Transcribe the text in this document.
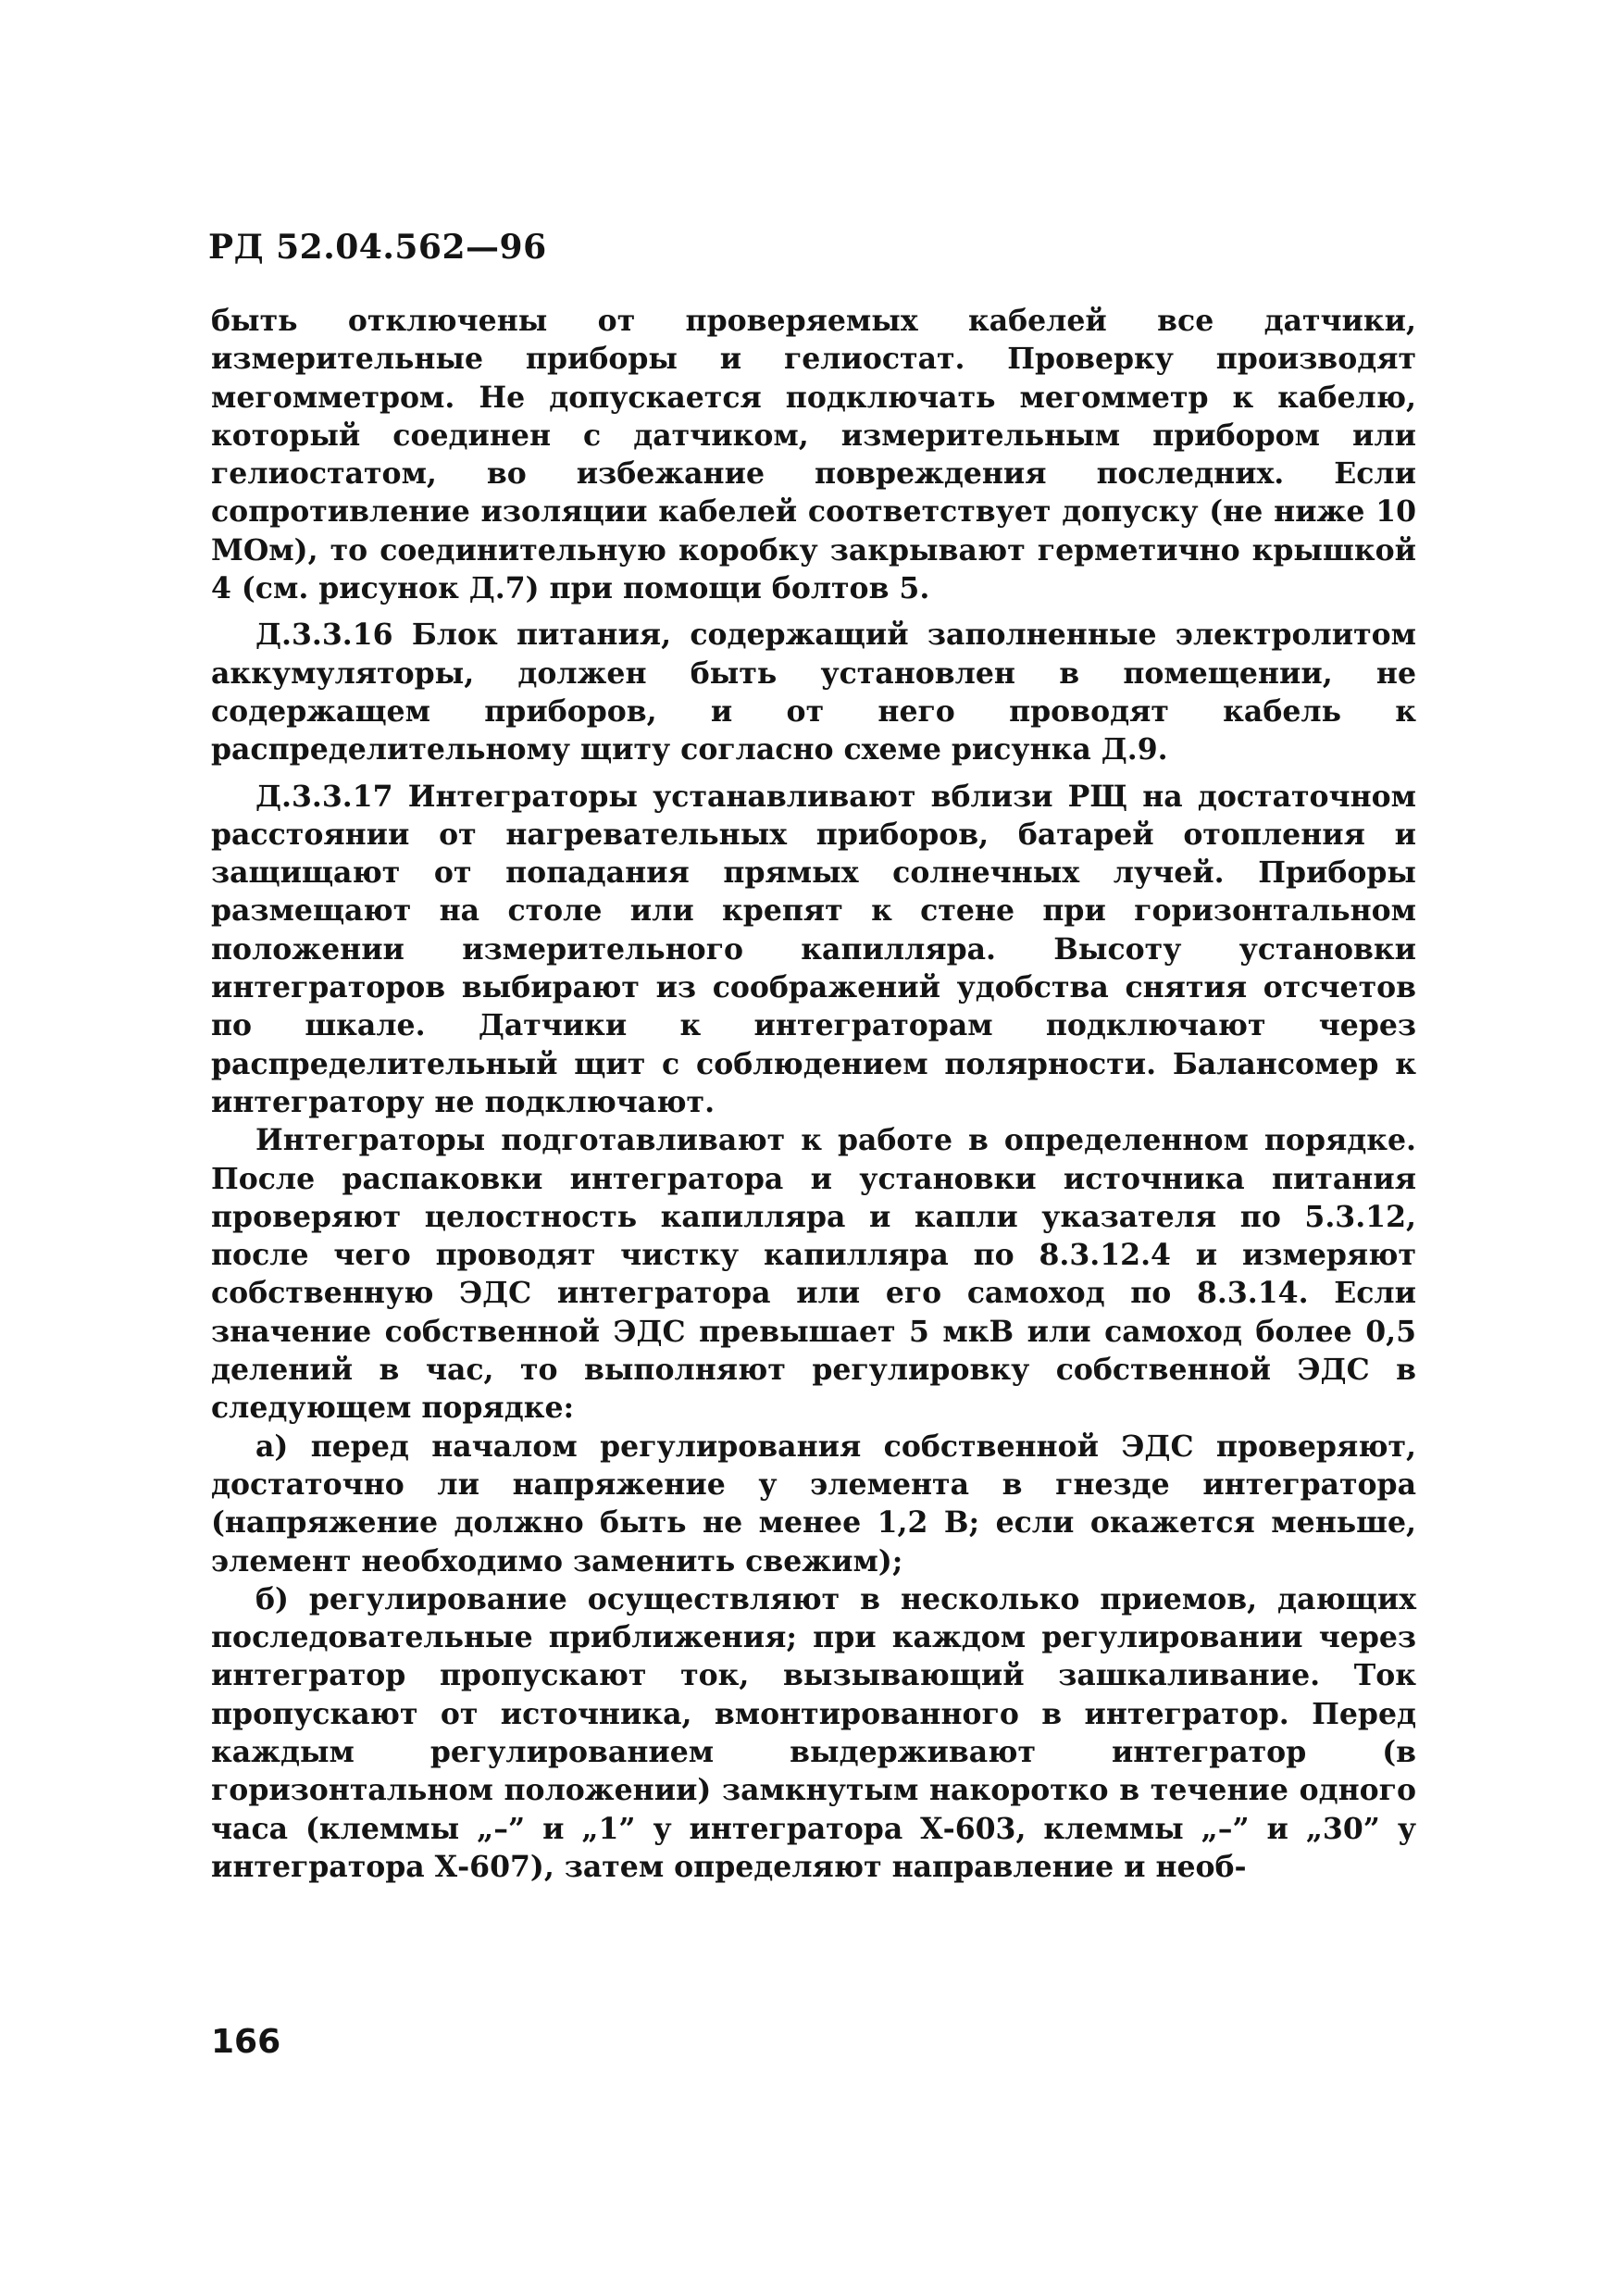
РД 52.04.562—96

быть отключены от проверяемых кабелей все датчики, измерительные приборы и гелиостат. Проверку производят мегомметром. Не допускается подключать мегомметр к кабелю, который соединен с датчиком, измерительным прибором или гелиостатом, во избежание повреждения последних. Если сопротивление изоляции кабелей соответствует допуску (не ниже 10 МОм), то соединительную коробку закрывают герметично крышкой 4 (см. рисунок Д.7) при помощи болтов 5.

Д.3.3.16 Блок питания, содержащий заполненные электролитом аккумуляторы, должен быть установлен в помещении, не содержащем приборов, и от него проводят кабель к распределительному щиту согласно схеме рисунка Д.9.

Д.3.3.17 Интеграторы устанавливают вблизи РЩ на достаточном расстоянии от нагревательных приборов, батарей отопления и защищают от попадания прямых солнечных лучей. Приборы размещают на столе или крепят к стене при горизонтальном положении измерительного капилляра. Высоту установки интеграторов выбирают из соображений удобства снятия отсчетов по шкале. Датчики к интеграторам подключают через распределительный щит с соблюдением полярности. Балансомер к интегратору не подключают.

Интеграторы подготавливают к работе в определенном порядке. После распаковки интегратора и установки источника питания проверяют целостность капилляра и капли указателя по 5.3.12, после чего проводят чистку капилляра по 8.3.12.4 и измеряют собственную ЭДС интегратора или его самоход по 8.3.14. Если значение собственной ЭДС превышает 5 мкВ или самоход более 0,5 делений в час, то выполняют регулировку собственной ЭДС в следующем порядке:

а) перед началом регулирования собственной ЭДС проверяют, достаточно ли напряжение у элемента в гнезде интегратора (напряжение должно быть не менее 1,2 В; если окажется меньше, элемент необходимо заменить свежим);

б) регулирование осуществляют в несколько приемов, дающих последовательные приближения; при каждом регулировании через интегратор пропускают ток, вызывающий зашкаливание. Ток пропускают от источника, вмонтированного в интегратор. Перед каждым регулированием выдерживают интегратор (в горизонтальном положении) замкнутым накоротко в течение одного часа (клеммы „–” и „1” у интегратора Х-603, клеммы „–” и „30” у интегратора Х-607), затем определяют направление и необ-

166
